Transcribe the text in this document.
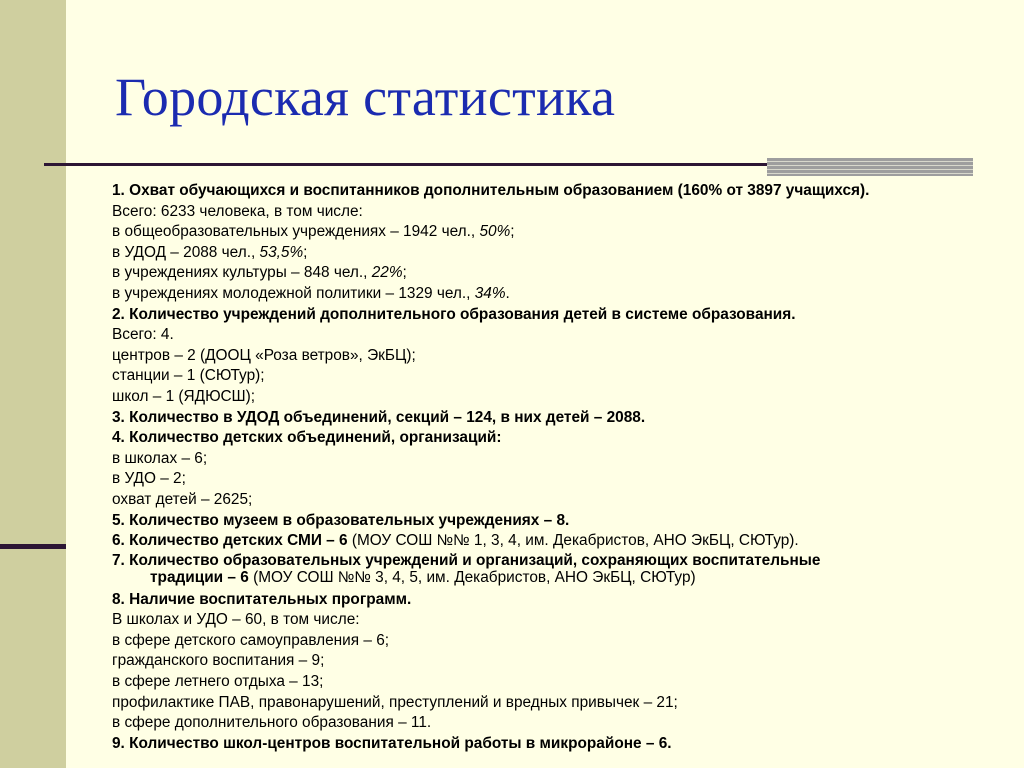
Городская статистика
1. Охват обучающихся и воспитанников дополнительным образованием (160% от 3897 учащихся).
Всего: 6233 человека, в том числе:
в общеобразовательных учреждениях – 1942 чел., 50%;
в УДОД – 2088 чел., 53,5%;
в учреждениях культуры – 848 чел., 22%;
в учреждениях молодежной политики – 1329 чел., 34%.
2. Количество учреждений дополнительного образования детей в системе образования.
Всего: 4.
центров – 2 (ДООЦ «Роза ветров», ЭкБЦ);
станции – 1 (СЮТур);
школ – 1 (ЯДЮСШ);
3. Количество в УДОД объединений, секций – 124, в них детей – 2088.
4. Количество детских объединений, организаций:
в школах – 6;
в УДО – 2;
охват детей – 2625;
5. Количество музеем в образовательных учреждениях – 8.
6. Количество детских СМИ – 6 (МОУ СОШ №№ 1, 3, 4, им. Декабристов, АНО ЭкБЦ, СЮТур).
7. Количество образовательных учреждений и организаций, сохраняющих воспитательные
традиции – 6 (МОУ СОШ №№ 3, 4, 5, им. Декабристов, АНО ЭкБЦ, СЮТур)
8. Наличие воспитательных программ.
В школах и УДО – 60, в том числе:
в сфере детского самоуправления – 6;
гражданского воспитания – 9;
в сфере летнего отдыха – 13;
профилактике ПАВ, правонарушений, преступлений и вредных привычек – 21;
в сфере дополнительного образования – 11.
9. Количество школ-центров воспитательной работы в микрорайоне – 6.
